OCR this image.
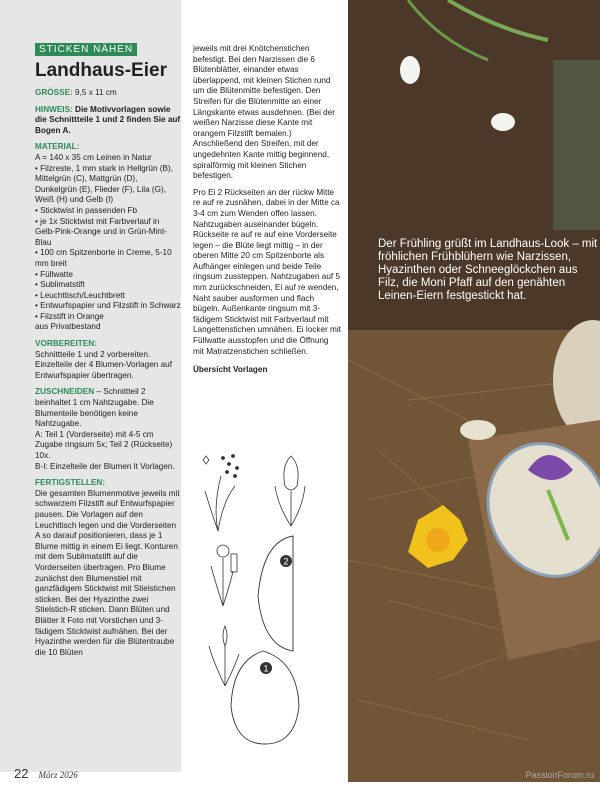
STICKEN NÄHEN
Landhaus-Eier

GRÖSSE: 9,5 x 11 cm

HINWEIS: Die Motivvorlagen sowie die Schnittteile 1 und 2 finden Sie auf Bogen A.

MATERIAL:
A = 140 x 35 cm Leinen in Natur
• Filzreste, 1 mm stark in Hellgrün (B), Mittelgrün (C), Mattgrün (D), Dunkelgrün (E), Flieder (F), Lila (G), Weiß (H) und Gelb (I)
• Sticktwist in passenden Fb
• je 1x Sticktwist mit Farbverlauf in Gelb-Pink-Orange und in Grün-Mint-Blau
• 100 cm Spitzenborte in Creme, 5-10 mm breit
• Füllwatte
• Sublimatstift
• Leuchttisch/Leuchtbrett
• Entwurfspapier und Filzstift in Schwarz
• Filzstift in Orange
aus Privatbestand

VORBEREITEN:
Schnittteile 1 und 2 vorbereiten. Einzelteile der 4 Blumen-Vorlagen auf Entwurfspapier übertragen.

ZUSCHNEIDEN – Schnittteil 2 beinhaltet 1 cm Nahtzugabe. Die Blumenteile benötigen keine Nahtzugabe.
A: Teil 1 (Vorderseite) mit 4-5 cm Zugabe ringsum 5x; Teil 2 (Rückseite) 10x.
B-I: Einzelteile der Blumen lt Vorlagen.

FERTIGSTELLEN:
Die gesamten Blumenmotive jeweils mit schwarzem Filzstift auf Entwurfspapier pausen. Die Vorlagen auf den Leuchttisch legen und die Vorderseiten A so darauf positionieren, dass je 1 Blume mittig in einem Ei liegt. Konturen mit dem Sublimatstift auf die Vorderseiten übertragen. Pro Blume zunächst den Blumenstiel mit ganzfädigem Sticktwist mit Stielstichen sticken. Bei der Hyazinthe zwei Stielstich-R sticken. Dann Blüten und Blätter lt Foto mit Vorstichen und 3-fädigem Sticktwist aufnähen. Bei der Hyazinthe werden für die Blütentraube die 10 Blüten

jeweils mit drei Knötchenstichen befestigt. Bei den Narzissen die 6 Blütenblätter, einander etwas überlappend, mit kleinen Stichen rund um die Blütenmitte befestigen. Den Streifen für die Blütenmitte an einer Längskante etwas ausdehnen. (Bei der weißen Narzisse diese Kante mit orangem Filzstift bemalen.) Anschließend den Streifen, mit der ungedehnten Kante mittig beginnend, spiralförmig mit kleinen Stichen befestigen.

Pro Ei 2 Rückseiten an der rückw Mitte re auf re zusnähen, dabei in der Mitte ca 3-4 cm zum Wenden offen lassen. Nahtzugaben auseinander bügeln. Rückseite re auf re auf eine Vorderseite legen – die Blüte liegt mittig – in der oberen Mitte 20 cm Spitzenborte als Aufhänger einlegen und beide Teile ringsum zussteppen. Nahtzugaben auf 5 mm zurückschneiden, Ei auf re wenden, Naht sauber ausformen und flach bügeln. Außenkante ringsum mit 3-fädigem Sticktwist mit Farbverlauf mit Langettenstichen umnähen. Ei locker mit Füllwatte ausstopfen und die Öffnung mit Matratzenstichen schließen.

Übersicht Vorlagen
2
1
22 März 2026
Der Frühling grüßt im Landhaus-Look – mit fröhlichen Frühblühern wie Narzissen, Hyazinthen oder Schneeglöckchen aus Filz, die Moni Pfaff auf den genähten Leinen-Eiern festgestickt hat.
PassionForum.ru
